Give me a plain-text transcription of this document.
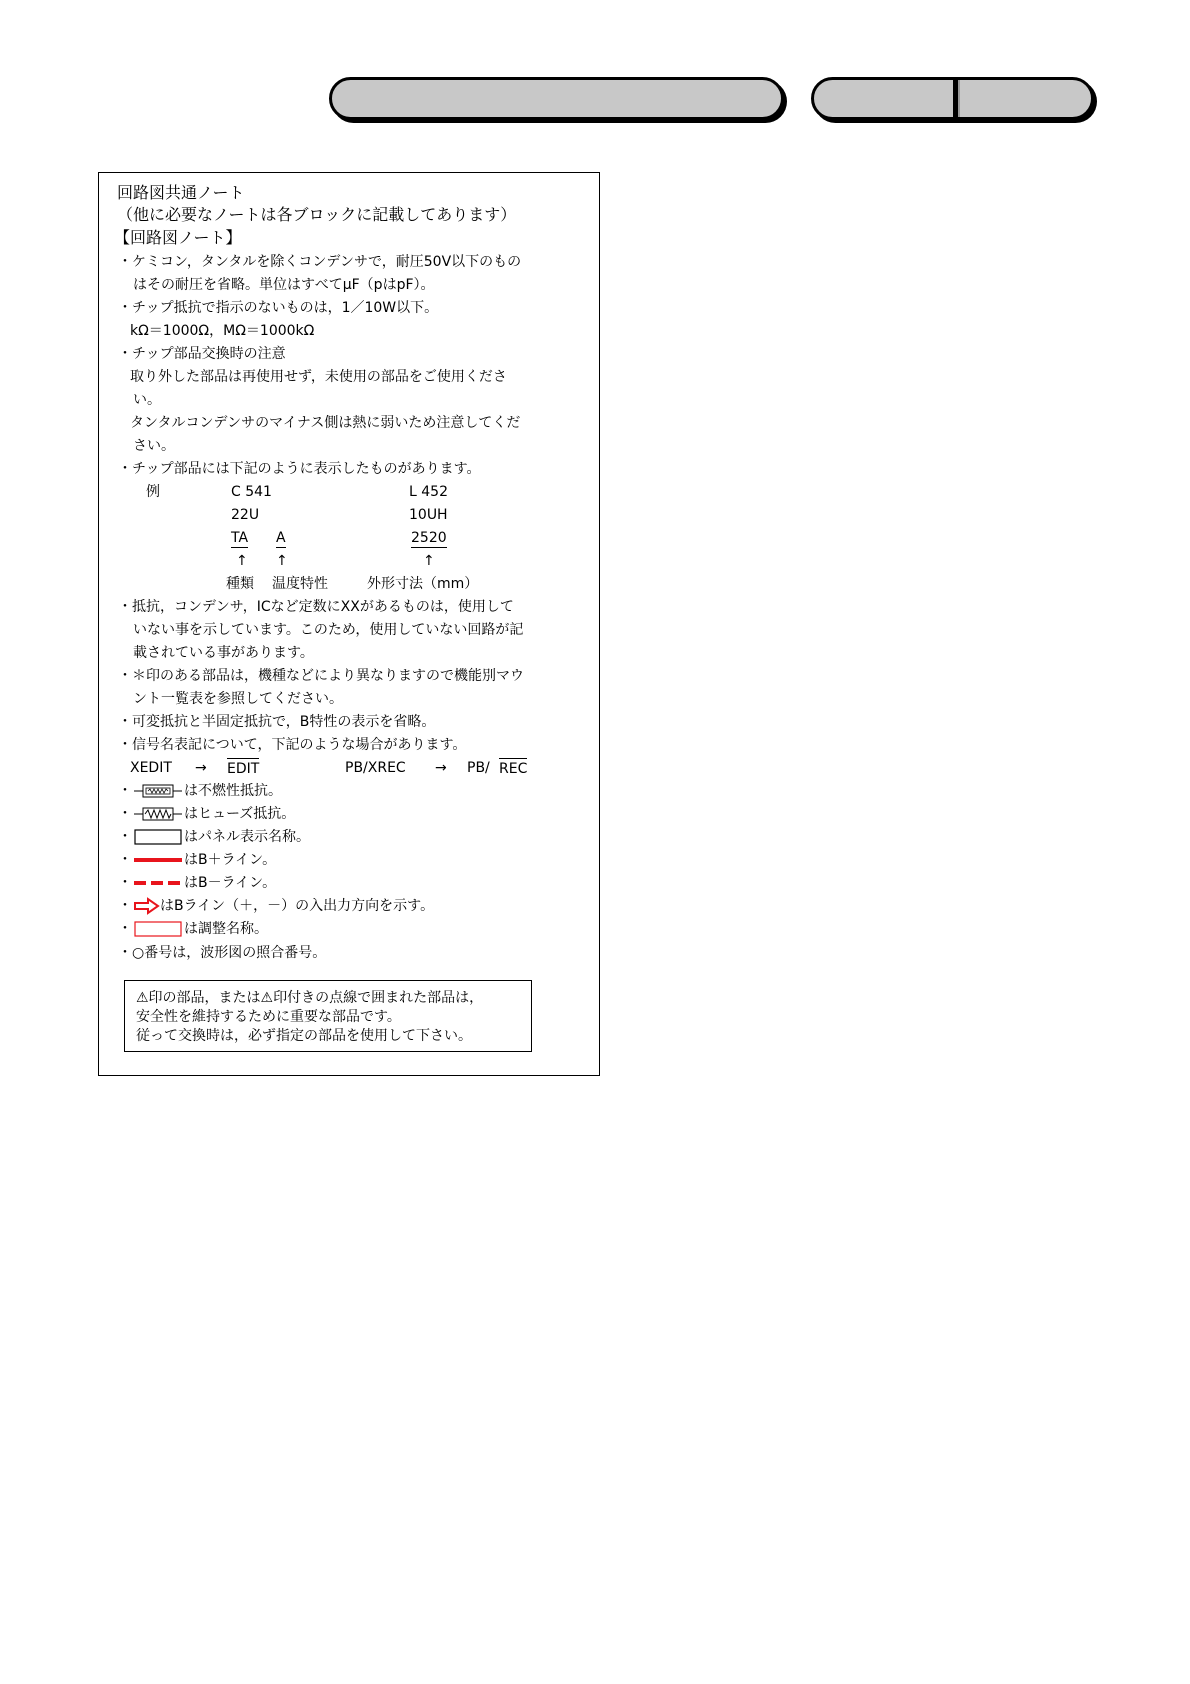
回路図共通ノート
（他に必要なノートは各ブロックに記載してあります）
【回路図ノート】
・ケミコン，タンタルを除くコンデンサで，耐圧50V以下のもの
はその耐圧を省略。単位はすべてμF（pはpF）。
・チップ抵抗で指示のないものは，1／10W以下。
kΩ＝1000Ω，MΩ＝1000kΩ
・チップ部品交換時の注意
取り外した部品は再使用せず，未使用の部品をご使用くださ
い。
タンタルコンデンサのマイナス側は熱に弱いため注意してくだ
さい。
・チップ部品には下記のように表示したものがあります。
例	C 541	L 452
22U	10UH
TA A	2520
↑ ↑	↑
種類 温度特性	外形寸法（mm）
・抵抗，コンデンサ，ICなど定数にXXがあるものは，使用して
いない事を示しています。このため，使用していない回路が記
載されている事があります。
・＊印のある部品は，機種などにより異なりますので機能別マウ
ント一覧表を参照してください。
・可変抵抗と半固定抵抗で，B特性の表示を省略。
・信号名表記について，下記のような場合があります。
XEDIT → EDIT	PB/XREC → PB/ REC
・	は不燃性抵抗。
・	はヒューズ抵抗。
・	はパネル表示名称。
・	はB＋ライン。
・	はB－ライン。
・ はBライン（＋，－）の入出力方向を示す。
・	は調整名称。
・○番号は，波形図の照合番号。
⚠印の部品，または⚠印付きの点線で囲まれた部品は，
安全性を維持するために重要な部品です。
従って交換時は，必ず指定の部品を使用して下さい。
